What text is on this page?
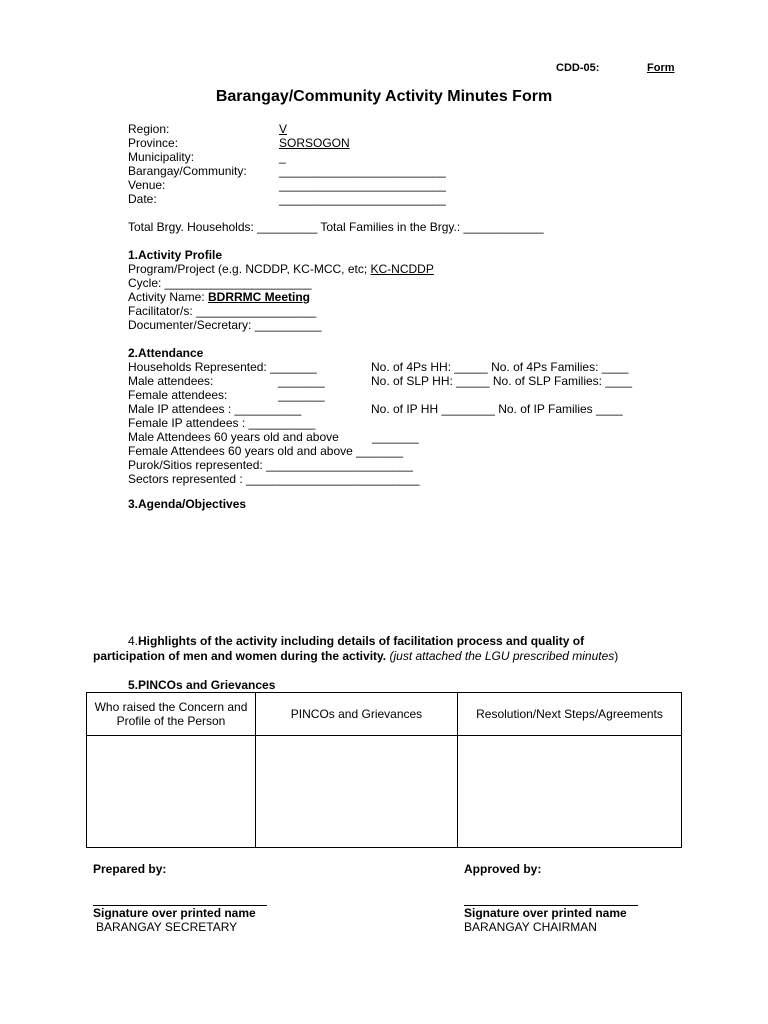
CDD-05:	Form
Barangay/Community Activity Minutes Form
Region:	V
Province:	SORSOGON
Municipality:	_
Barangay/Community:	_________________________
Venue:	_________________________
Date:	_________________________
Total Brgy. Households: _________ Total Families in the Brgy.: ____________
1.Activity Profile
Program/Project (e.g. NCDDP, KC-MCC, etc; KC-NCDDP
Cycle: ______________________
Activity Name: BDRRMC Meeting
Facilitator/s: __________________
Documenter/Secretary: __________
2.Attendance
Households Represented: _______
Male attendees:	_______
Female attendees:	_______
Male IP attendees : __________
Female IP attendees : __________
Male Attendees 60 years old and above	_______
Female Attendees 60 years old and above _______
Purok/Sitios represented: ______________________
Sectors represented : __________________________
No. of 4Ps HH: _____ No. of 4Ps Families: ____
No. of SLP HH: _____ No. of SLP Families: ____
No. of IP HH ________ No. of IP Families ____
3.Agenda/Objectives
4.Highlights of the activity including details of facilitation process and quality of
participation of men and women during the activity. (just attached the LGU prescribed minutes)
5.PINCOs and Grievances
Who raised the Concern and Profile of the Person	PINCOs and Grievances	Resolution/Next Steps/Agreements

Prepared by:
Signature over printed name
BARANGAY SECRETARY
Approved by:
Signature over printed name
BARANGAY CHAIRMAN
